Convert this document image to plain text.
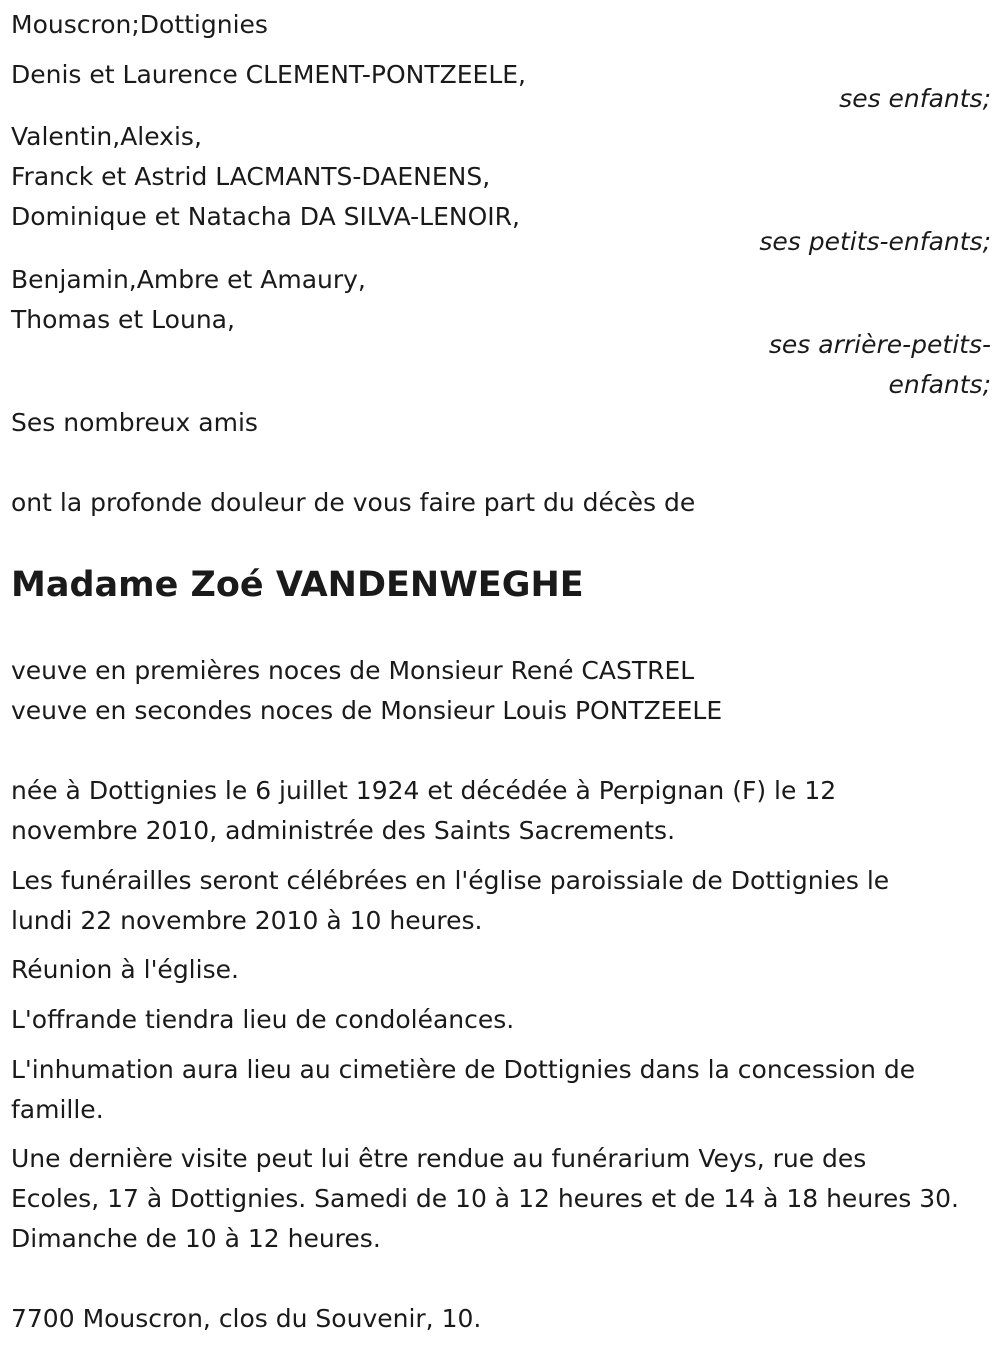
Mouscron;Dottignies
Denis et Laurence CLEMENT-PONTZEELE,
ses enfants;
Valentin,Alexis,
Franck et Astrid LACMANTS-DAENENS,
Dominique et Natacha DA SILVA-LENOIR,
ses petits-enfants;
Benjamin,Ambre et Amaury,
Thomas et Louna,
ses arrière-petits-
enfants;
Ses nombreux amis
ont la profonde douleur de vous faire part du décès de
Madame Zoé VANDENWEGHE
veuve en premières noces de Monsieur René CASTREL
veuve en secondes noces de Monsieur Louis PONTZEELE
née à Dottignies le 6 juillet 1924 et décédée à Perpignan (F) le 12
novembre 2010, administrée des Saints Sacrements.
Les funérailles seront célébrées en l'église paroissiale de Dottignies le
lundi 22 novembre 2010 à 10 heures.
Réunion à l'église.
L'offrande tiendra lieu de condoléances.
L'inhumation aura lieu au cimetière de Dottignies dans la concession de
famille.
Une dernière visite peut lui être rendue au funérarium Veys, rue des
Ecoles, 17 à Dottignies. Samedi de 10 à 12 heures et de 14 à 18 heures 30.
Dimanche de 10 à 12 heures.
7700 Mouscron, clos du Souvenir, 10.
